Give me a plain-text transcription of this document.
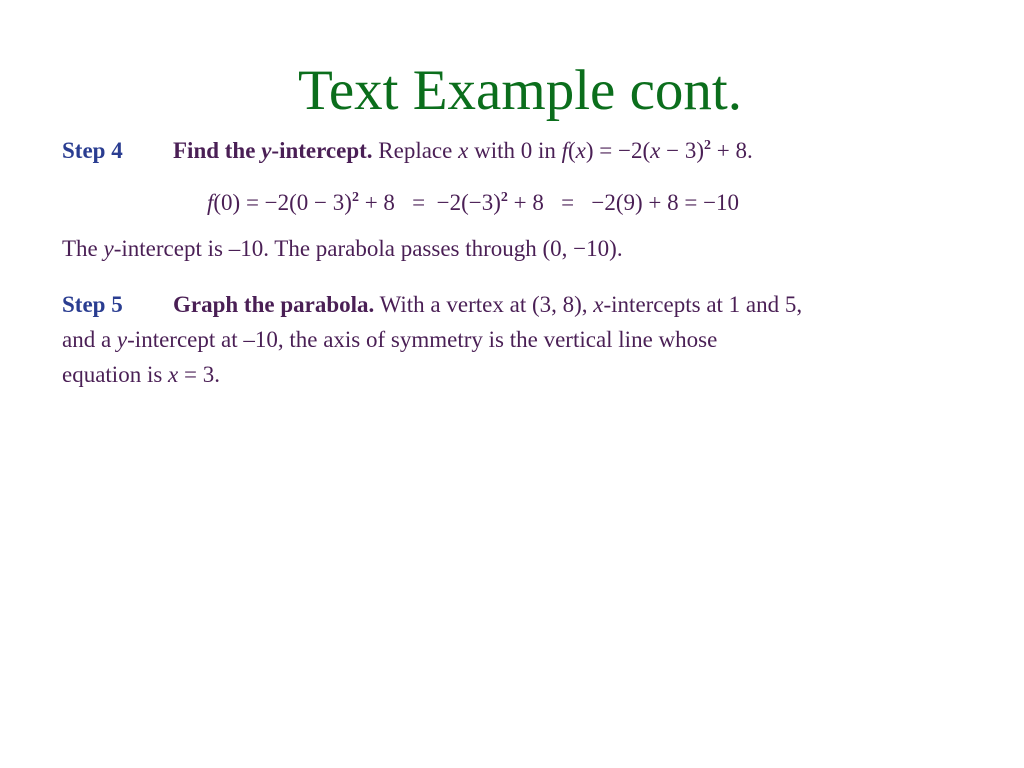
Text Example cont.
Step 4 Find the y-intercept. Replace x with 0 in $f(x) = -2(x - 3)^2 + 8$.
$f(0) = -2(0 - 3)^2 + 8 = -2(-3)^2 + 8 = -2(9) + 8 = -10$
The y-intercept is –10. The parabola passes through (0, −10).
Step 5 Graph the parabola. With a vertex at (3, 8), x-intercepts at 1 and 5,
and a y-intercept at –10, the axis of symmetry is the vertical line whose
equation is x = 3.
